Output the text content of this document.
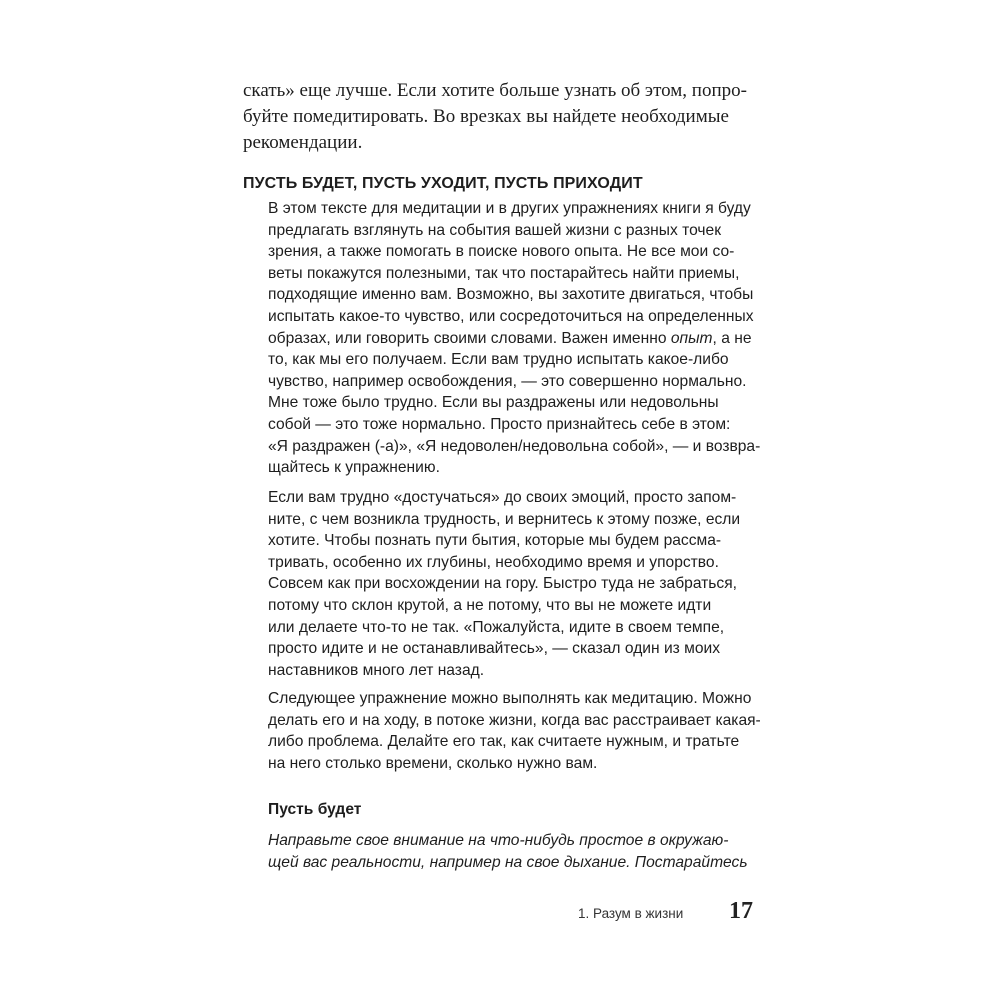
скать» еще лучше. Если хотите больше узнать об этом, попро-
буйте помедитировать. Во врезках вы найдете необходимые
рекомендации.

ПУСТЬ БУДЕТ, ПУСТЬ УХОДИТ, ПУСТЬ ПРИХОДИТ

В этом тексте для медитации и в других упражнениях книги я буду
предлагать взглянуть на события вашей жизни с разных точек
зрения, а также помогать в поиске нового опыта. Не все мои со-
веты покажутся полезными, так что постарайтесь найти приемы,
подходящие именно вам. Возможно, вы захотите двигаться, чтобы
испытать какое-то чувство, или сосредоточиться на определенных
образах, или говорить своими словами. Важен именно опыт, а не
то, как мы его получаем. Если вам трудно испытать какое-либо
чувство, например освобождения, — это совершенно нормально.
Мне тоже было трудно. Если вы раздражены или недовольны
собой — это тоже нормально. Просто признайтесь себе в этом:
«Я раздражен (-а)», «Я недоволен/недовольна собой», — и возвра-
щайтесь к упражнению.

Если вам трудно «достучаться» до своих эмоций, просто запом-
ните, с чем возникла трудность, и вернитесь к этому позже, если
хотите. Чтобы познать пути бытия, которые мы будем рассма-
тривать, особенно их глубины, необходимо время и упорство.
Совсем как при восхождении на гору. Быстро туда не забраться,
потому что склон крутой, а не потому, что вы не можете идти
или делаете что-то не так. «Пожалуйста, идите в своем темпе,
просто идите и не останавливайтесь», — сказал один из моих
наставников много лет назад.

Следующее упражнение можно выполнять как медитацию. Можно
делать его и на ходу, в потоке жизни, когда вас расстраивает какая-
либо проблема. Делайте его так, как считаете нужным, и тратьте
на него столько времени, сколько нужно вам.

Пусть будет

Направьте свое внимание на что-нибудь простое в окружаю-
щей вас реальности, например на свое дыхание. Постарайтесь

1. Разум в жизни 17
